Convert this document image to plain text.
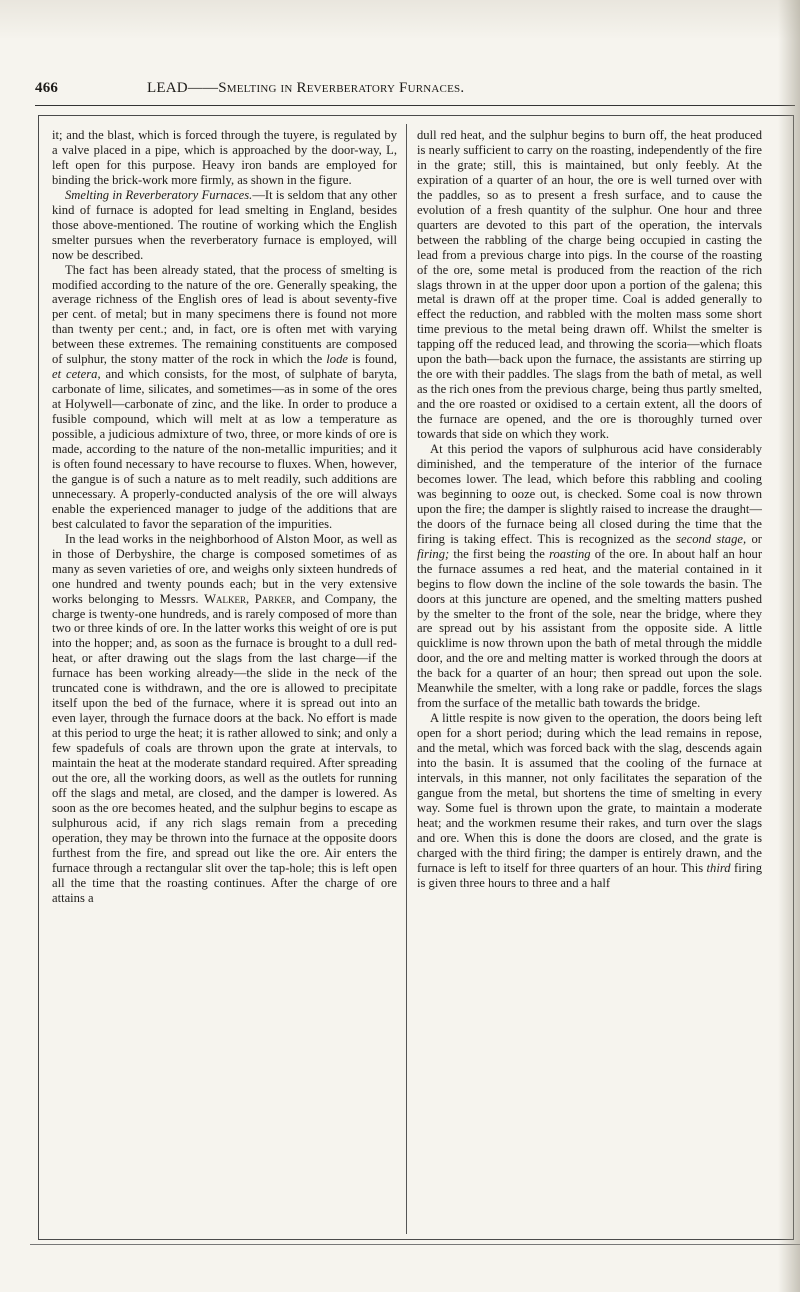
466	LEAD——Smelting in Reverberatory Furnaces.

it; and the blast, which is forced through the tuyere, is regulated by a valve placed in a pipe, which is approached by the door-way, L, left open for this purpose. Heavy iron bands are employed for binding the brick-work more firmly, as shown in the figure.

Smelting in Reverberatory Furnaces.—It is seldom that any other kind of furnace is adopted for lead smelting in England, besides those above-mentioned. The routine of working which the English smelter pursues when the reverberatory furnace is employed, will now be described.

The fact has been already stated, that the process of smelting is modified according to the nature of the ore. Generally speaking, the average richness of the English ores of lead is about seventy-five per cent. of metal; but in many specimens there is found not more than twenty per cent.; and, in fact, ore is often met with varying between these extremes. The remaining constituents are composed of sulphur, the stony matter of the rock in which the lode is found, et cetera, and which consists, for the most, of sulphate of baryta, carbonate of lime, silicates, and sometimes—as in some of the ores at Holywell—carbonate of zinc, and the like. In order to produce a fusible compound, which will melt at as low a temperature as possible, a judicious admixture of two, three, or more kinds of ore is made, according to the nature of the non-metallic impurities; and it is often found necessary to have recourse to fluxes. When, however, the gangue is of such a nature as to melt readily, such additions are unnecessary. A properly-conducted analysis of the ore will always enable the experienced manager to judge of the additions that are best calculated to favor the separation of the impurities.

In the lead works in the neighborhood of Alston Moor, as well as in those of Derbyshire, the charge is composed sometimes of as many as seven varieties of ore, and weighs only sixteen hundreds of one hundred and twenty pounds each; but in the very extensive works belonging to Messrs. Walker, Parker, and Company, the charge is twenty-one hundreds, and is rarely composed of more than two or three kinds of ore. In the latter works this weight of ore is put into the hopper; and, as soon as the furnace is brought to a dull red-heat, or after drawing out the slags from the last charge—if the furnace has been working already—the slide in the neck of the truncated cone is withdrawn, and the ore is allowed to precipitate itself upon the bed of the furnace, where it is spread out into an even layer, through the furnace doors at the back. No effort is made at this period to urge the heat; it is rather allowed to sink; and only a few spadefuls of coals are thrown upon the grate at intervals, to maintain the heat at the moderate standard required. After spreading out the ore, all the working doors, as well as the outlets for running off the slags and metal, are closed, and the damper is lowered. As soon as the ore becomes heated, and the sulphur begins to escape as sulphurous acid, if any rich slags remain from a preceding operation, they may be thrown into the furnace at the opposite doors furthest from the fire, and spread out like the ore. Air enters the furnace through a rectangular slit over the tap-hole; this is left open all the time that the roasting continues. After the charge of ore attains a

dull red heat, and the sulphur begins to burn off, the heat produced is nearly sufficient to carry on the roasting, independently of the fire in the grate; still, this is maintained, but only feebly. At the expiration of a quarter of an hour, the ore is well turned over with the paddles, so as to present a fresh surface, and to cause the evolution of a fresh quantity of the sulphur. One hour and three quarters are devoted to this part of the operation, the intervals between the rabbling of the charge being occupied in casting the lead from a previous charge into pigs. In the course of the roasting of the ore, some metal is produced from the reaction of the rich slags thrown in at the upper door upon a portion of the galena; this metal is drawn off at the proper time. Coal is added generally to effect the reduction, and rabbled with the molten mass some short time previous to the metal being drawn off. Whilst the smelter is tapping off the reduced lead, and throwing the scoria—which floats upon the bath—back upon the furnace, the assistants are stirring up the ore with their paddles. The slags from the bath of metal, as well as the rich ones from the previous charge, being thus partly smelted, and the ore roasted or oxidised to a certain extent, all the doors of the furnace are opened, and the ore is thoroughly turned over towards that side on which they work.

At this period the vapors of sulphurous acid have considerably diminished, and the temperature of the interior of the furnace becomes lower. The lead, which before this rabbling and cooling was beginning to ooze out, is checked. Some coal is now thrown upon the fire; the damper is slightly raised to increase the draught—the doors of the furnace being all closed during the time that the firing is taking effect. This is recognized as the second stage, or firing; the first being the roasting of the ore. In about half an hour the furnace assumes a red heat, and the material contained in it begins to flow down the incline of the sole towards the basin. The doors at this juncture are opened, and the smelting matters pushed by the smelter to the front of the sole, near the bridge, where they are spread out by his assistant from the opposite side. A little quicklime is now thrown upon the bath of metal through the middle door, and the ore and melting matter is worked through the doors at the back for a quarter of an hour; then spread out upon the sole. Meanwhile the smelter, with a long rake or paddle, forces the slags from the surface of the metallic bath towards the bridge.

A little respite is now given to the operation, the doors being left open for a short period; during which the lead remains in repose, and the metal, which was forced back with the slag, descends again into the basin. It is assumed that the cooling of the furnace at intervals, in this manner, not only facilitates the separation of the gangue from the metal, but shortens the time of smelting in every way. Some fuel is thrown upon the grate, to maintain a moderate heat; and the workmen resume their rakes, and turn over the slags and ore. When this is done the doors are closed, and the grate is charged with the third firing; the damper is entirely drawn, and the furnace is left to itself for three quarters of an hour. This third firing is given three hours to three and a half
